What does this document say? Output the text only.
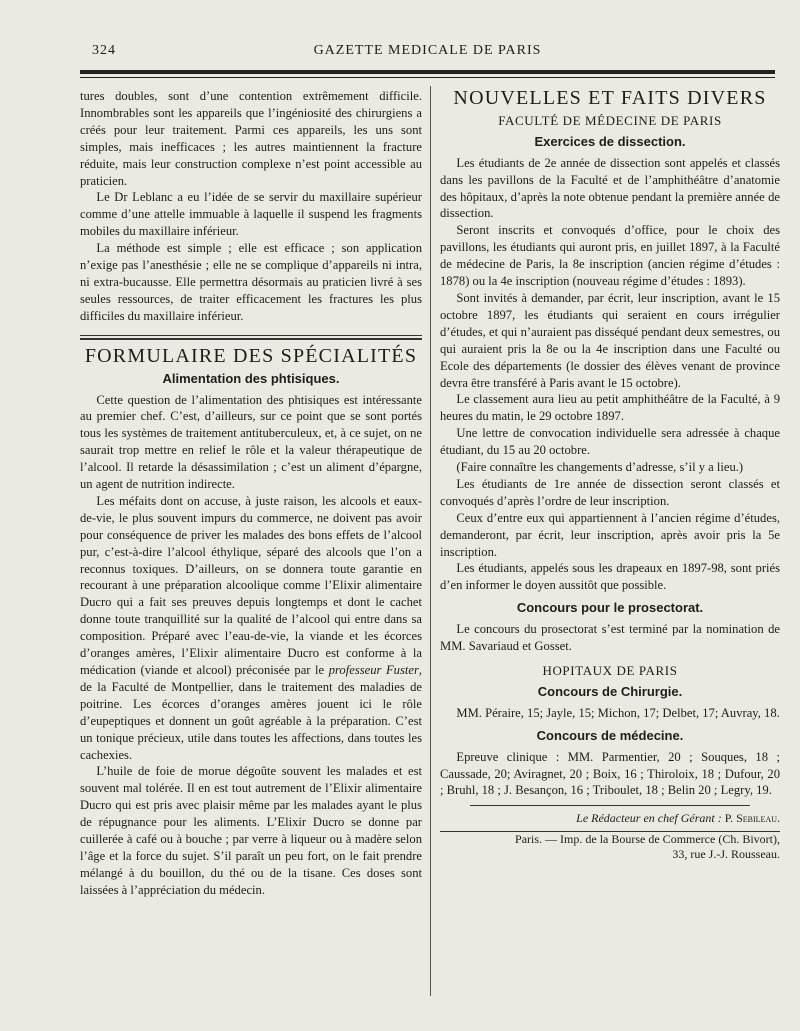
324	GAZETTE MEDICALE DE PARIS

tures doubles, sont d’une contention extrêmement difficile. Innombrables sont les appareils que l’ingéniosité des chirurgiens a créés pour leur traitement. Parmi ces appareils, les uns sont simples, mais inefficaces ; les autres maintiennent la fracture réduite, mais leur construction complexe n’est point accessible au praticien.

Le Dr Leblanc a eu l’idée de se servir du maxillaire supérieur comme d’une attelle immuable à laquelle il suspend les fragments mobiles du maxillaire inférieur.

La méthode est simple ; elle est efficace ; son application n’exige pas l’anesthésie ; elle ne se complique d’appareils ni intra, ni extra-bucausse. Elle permettra désormais au praticien livré à ses seules ressources, de traiter efficacement les fractures les plus difficiles du maxillaire inférieur.

FORMULAIRE DES SPÉCIALITÉS
Alimentation des phtisiques.

Cette question de l’alimentation des phtisiques est intéressante au premier chef. C’est, d’ailleurs, sur ce point que se sont portés tous les systèmes de traitement antituberculeux, et, à ce sujet, on ne saurait trop mettre en relief le rôle et la valeur thérapeutique de l’alcool. Il retarde la désassimilation ; c’est un aliment d’épargne, un agent de nutrition indirecte.

Les méfaits dont on accuse, à juste raison, les alcools et eaux-de-vie, le plus souvent impurs du commerce, ne doivent pas avoir pour conséquence de priver les malades des bons effets de l’alcool pur, c’est-à-dire l’alcool éthylique, séparé des alcools que l’on a reconnus toxiques. D’ailleurs, on se donnera toute garantie en recourant à une préparation alcoolique comme l’Elixir alimentaire Ducro qui a fait ses preuves depuis longtemps et dont le cachet donne toute tranquillité sur la qualité de l’alcool qui entre dans sa composition. Préparé avec l’eau-de-vie, la viande et les écorces d’oranges amères, l’Elixir alimentaire Ducro est conforme à la médication (viande et alcool) préconisée par le professeur Fuster, de la Faculté de Montpellier, dans le traitement des maladies de poitrine. Les écorces d’oranges amères jouent ici le rôle d’eupeptiques et donnent un goût agréable à la préparation. C’est un tonique précieux, utile dans toutes les affections, dans toutes les cachexies.

L’huile de foie de morue dégoûte souvent les malades et est souvent mal tolérée. Il en est tout autrement de l’Elixir alimentaire Ducro qui est pris avec plaisir même par les malades ayant le plus de répugnance pour les aliments. L’Elixir Ducro se donne par cuillerée à café ou à bouche ; par verre à liqueur ou à madère selon l’âge et la force du sujet. S’il paraît un peu fort, on le fait prendre mélangé à du bouillon, du thé ou de la tisane. Ces doses sont laissées à l’appréciation du médecin.

NOUVELLES ET FAITS DIVERS
FACULTÉ DE MÉDECINE DE PARIS
Exercices de dissection.

Les étudiants de 2e année de dissection sont appelés et classés dans les pavillons de la Faculté et de l’amphithéâtre d’anatomie des hôpitaux, d’après la note obtenue pendant la première année de dissection.

Seront inscrits et convoqués d’office, pour le choix des pavillons, les étudiants qui auront pris, en juillet 1897, à la Faculté de médecine de Paris, la 8e inscription (ancien régime d’études : 1878) ou la 4e inscription (nouveau régime d’études : 1893).

Sont invités à demander, par écrit, leur inscription, avant le 15 octobre 1897, les étudiants qui seraient en cours irrégulier d’études, et qui n’auraient pas disséqué pendant deux semestres, ou qui auraient pris la 8e ou la 4e inscription dans une Faculté ou Ecole des départements (le dossier des élèves venant de province devra être transféré à Paris avant le 15 octobre).

Le classement aura lieu au petit amphithéâtre de la Faculté, à 9 heures du matin, le 29 octobre 1897.

Une lettre de convocation individuelle sera adressée à chaque étudiant, du 15 au 20 octobre.

(Faire connaître les changements d’adresse, s’il y a lieu.)

Les étudiants de 1re année de dissection seront classés et convoqués d’après l’ordre de leur inscription.

Ceux d’entre eux qui appartiennent à l’ancien régime d’études, demanderont, par écrit, leur inscription, après avoir pris la 5e inscription.

Les étudiants, appelés sous les drapeaux en 1897-98, sont priés d’en informer le doyen aussitôt que possible.

Concours pour le prosectorat.

Le concours du prosectorat s’est terminé par la nomination de MM. Savariaud et Gosset.

HOPITAUX DE PARIS
Concours de Chirurgie.

MM. Péraire, 15; Jayle, 15; Michon, 17; Delbet, 17; Auvray, 18.

Concours de médecine.

Epreuve clinique : MM. Parmentier, 20 ; Souques, 18 ; Caussade, 20; Aviragnet, 20 ; Boix, 16 ; Thiroloix, 18 ; Dufour, 20 ; Bruhl, 18 ; J. Besançon, 16 ; Triboulet, 18 ; Belin 20 ; Legry, 19.

Le Rédacteur en chef Gérant : P. Sebileau.
Paris. — Imp. de la Bourse de Commerce (Ch. Bivort),
33, rue J.-J. Rousseau.
